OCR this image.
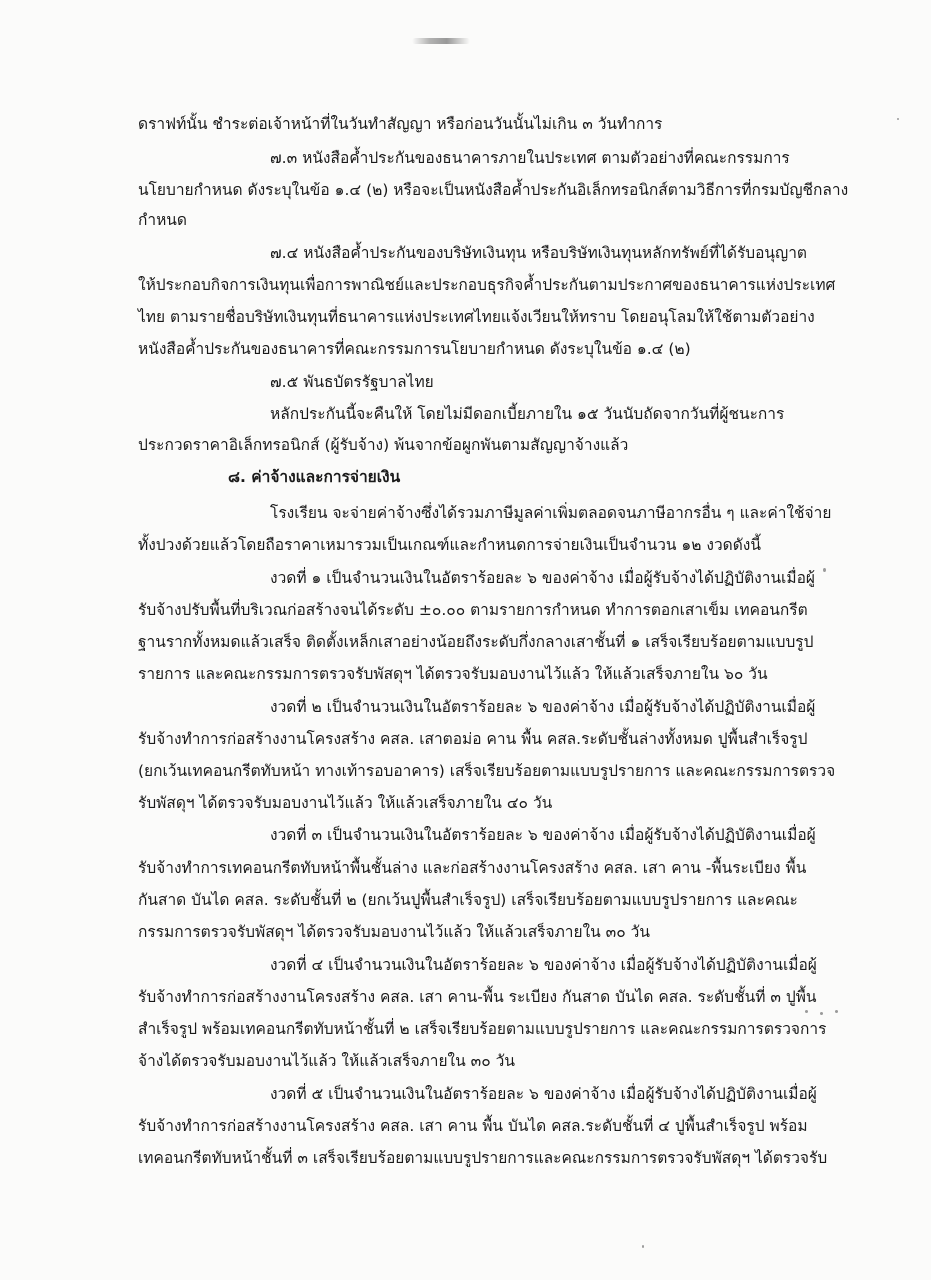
ดราฟท์นั้น ชำระต่อเจ้าหน้าที่ในวันทำสัญญา หรือก่อนวันนั้นไม่เกิน ๓ วันทำการ
๗.๓ หนังสือค้ำประกันของธนาคารภายในประเทศ ตามตัวอย่างที่คณะกรรมการ
นโยบายกำหนด ดังระบุในข้อ ๑.๔ (๒) หรือจะเป็นหนังสือค้ำประกันอิเล็กทรอนิกส์ตามวิธีการที่กรมบัญชีกลาง
กำหนด
๗.๔ หนังสือค้ำประกันของบริษัทเงินทุน หรือบริษัทเงินทุนหลักทรัพย์ที่ได้รับอนุญาต
ให้ประกอบกิจการเงินทุนเพื่อการพาณิชย์และประกอบธุรกิจค้ำประกันตามประกาศของธนาคารแห่งประเทศ
ไทย ตามรายชื่อบริษัทเงินทุนที่ธนาคารแห่งประเทศไทยแจ้งเวียนให้ทราบ โดยอนุโลมให้ใช้ตามตัวอย่าง
หนังสือค้ำประกันของธนาคารที่คณะกรรมการนโยบายกำหนด ดังระบุในข้อ ๑.๔ (๒)
๗.๕ พันธบัตรรัฐบาลไทย
หลักประกันนี้จะคืนให้ โดยไม่มีดอกเบี้ยภายใน ๑๕ วันนับถัดจากวันที่ผู้ชนะการ
ประกวดราคาอิเล็กทรอนิกส์ (ผู้รับจ้าง) พ้นจากข้อผูกพันตามสัญญาจ้างแล้ว
๘. ค่าจ้างและการจ่ายเงิน
โรงเรียน จะจ่ายค่าจ้างซึ่งได้รวมภาษีมูลค่าเพิ่มตลอดจนภาษีอากรอื่น ๆ และค่าใช้จ่าย
ทั้งปวงด้วยแล้วโดยถือราคาเหมารวมเป็นเกณฑ์และกำหนดการจ่ายเงินเป็นจำนวน ๑๒ งวดดังนี้
งวดที่ ๑ เป็นจำนวนเงินในอัตราร้อยละ ๖ ของค่าจ้าง เมื่อผู้รับจ้างได้ปฏิบัติงานเมื่อผู้
รับจ้างปรับพื้นที่บริเวณก่อสร้างจนได้ระดับ ±๐.๐๐ ตามรายการกำหนด ทำการตอกเสาเข็ม เทคอนกรีต
ฐานรากทั้งหมดแล้วเสร็จ ติดตั้งเหล็กเสาอย่างน้อยถึงระดับกึ่งกลางเสาชั้นที่ ๑ เสร็จเรียบร้อยตามแบบรูป
รายการ และคณะกรรมการตรวจรับพัสดุฯ ได้ตรวจรับมอบงานไว้แล้ว ให้แล้วเสร็จภายใน ๖๐ วัน
งวดที่ ๒ เป็นจำนวนเงินในอัตราร้อยละ ๖ ของค่าจ้าง เมื่อผู้รับจ้างได้ปฏิบัติงานเมื่อผู้
รับจ้างทำการก่อสร้างงานโครงสร้าง คสล. เสาตอม่อ คาน พื้น คสล.ระดับชั้นล่างทั้งหมด ปูพื้นสำเร็จรูป
(ยกเว้นเทคอนกรีตทับหน้า ทางเท้ารอบอาคาร) เสร็จเรียบร้อยตามแบบรูปรายการ และคณะกรรมการตรวจ
รับพัสดุฯ ได้ตรวจรับมอบงานไว้แล้ว ให้แล้วเสร็จภายใน ๔๐ วัน
งวดที่ ๓ เป็นจำนวนเงินในอัตราร้อยละ ๖ ของค่าจ้าง เมื่อผู้รับจ้างได้ปฏิบัติงานเมื่อผู้
รับจ้างทำการเทคอนกรีตทับหน้าพื้นชั้นล่าง และก่อสร้างงานโครงสร้าง คสล. เสา คาน -พื้นระเบียง พื้น
กันสาด บันได คสล. ระดับชั้นที่ ๒ (ยกเว้นปูพื้นสำเร็จรูป) เสร็จเรียบร้อยตามแบบรูปรายการ และคณะ
กรรมการตรวจรับพัสดุฯ ได้ตรวจรับมอบงานไว้แล้ว ให้แล้วเสร็จภายใน ๓๐ วัน
งวดที่ ๔ เป็นจำนวนเงินในอัตราร้อยละ ๖ ของค่าจ้าง เมื่อผู้รับจ้างได้ปฏิบัติงานเมื่อผู้
รับจ้างทำการก่อสร้างงานโครงสร้าง คสล. เสา คาน-พื้น ระเบียง กันสาด บันได คสล. ระดับชั้นที่ ๓ ปูพื้น
สำเร็จรูป พร้อมเทคอนกรีตทับหน้าชั้นที่ ๒ เสร็จเรียบร้อยตามแบบรูปรายการ และคณะกรรมการตรวจการ
จ้างได้ตรวจรับมอบงานไว้แล้ว ให้แล้วเสร็จภายใน ๓๐ วัน
งวดที่ ๕ เป็นจำนวนเงินในอัตราร้อยละ ๖ ของค่าจ้าง เมื่อผู้รับจ้างได้ปฏิบัติงานเมื่อผู้
รับจ้างทำการก่อสร้างงานโครงสร้าง คสล. เสา คาน พื้น บันได คสล.ระดับชั้นที่ ๔ ปูพื้นสำเร็จรูป พร้อม
เทคอนกรีตทับหน้าชั้นที่ ๓ เสร็จเรียบร้อยตามแบบรูปรายการและคณะกรรมการตรวจรับพัสดุฯ ได้ตรวจรับ
